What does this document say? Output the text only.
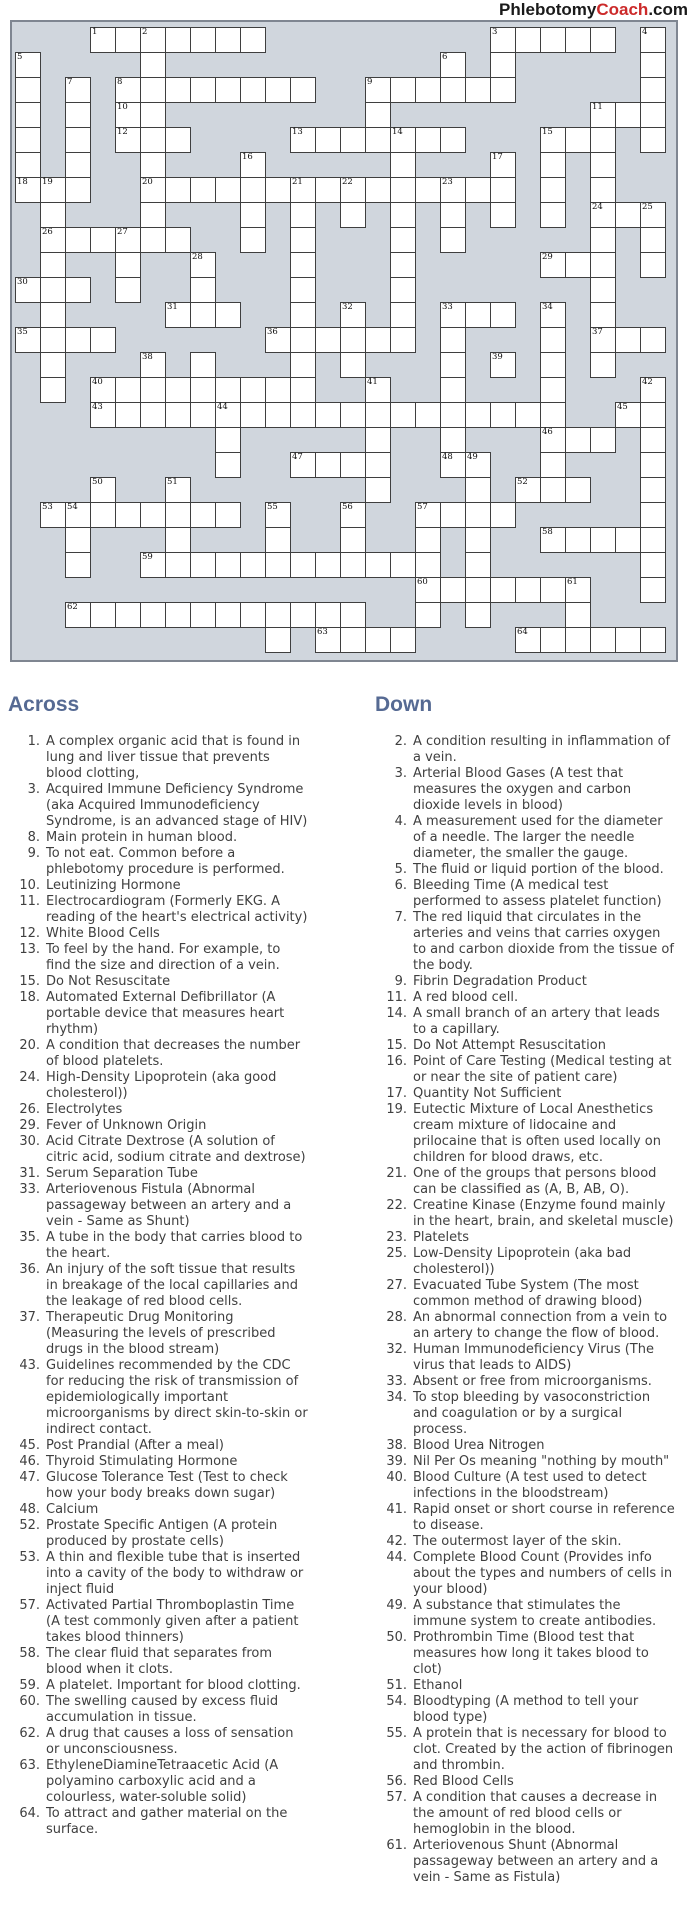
PhlebotomyCoach.com
1	2	3	4
5	6
7	8	9
10	11
12	13	14	15
16	17
18 19	20	21	22	23
24	25
26	27
28	29
30
31	32	33	34
35	36	37
38	39
40	41	42
43	44	45
46
47	48 49
50	51	52
53 54	55	56	57
58
59
60	61
62
63	64
Across
1. A complex organic acid that is found in lung and liver tissue that prevents blood clotting,
3. Acquired Immune Deficiency Syndrome (aka Acquired Immunodeficiency Syndrome, is an advanced stage of HIV)
8. Main protein in human blood.
9. To not eat. Common before a phlebotomy procedure is performed.
10. Leutinizing Hormone
11. Electrocardiogram (Formerly EKG. A reading of the heart's electrical activity)
12. White Blood Cells
13. To feel by the hand. For example, to find the size and direction of a vein.
15. Do Not Resuscitate
18. Automated External Defibrillator (A portable device that measures heart rhythm)
20. A condition that decreases the number of blood platelets.
24. High-Density Lipoprotein (aka good cholesterol))
26. Electrolytes
29. Fever of Unknown Origin
30. Acid Citrate Dextrose (A solution of citric acid, sodium citrate and dextrose)
31. Serum Separation Tube
33. Arteriovenous Fistula (Abnormal passageway between an artery and a vein - Same as Shunt)
35. A tube in the body that carries blood to the heart.
36. An injury of the soft tissue that results in breakage of the local capillaries and the leakage of red blood cells.
37. Therapeutic Drug Monitoring (Measuring the levels of prescribed drugs in the blood stream)
43. Guidelines recommended by the CDC for reducing the risk of transmission of epidemiologically important microorganisms by direct skin-to-skin or indirect contact.
45. Post Prandial (After a meal)
46. Thyroid Stimulating Hormone
47. Glucose Tolerance Test (Test to check how your body breaks down sugar)
48. Calcium
52. Prostate Specific Antigen (A protein produced by prostate cells)
53. A thin and flexible tube that is inserted into a cavity of the body to withdraw or inject fluid
57. Activated Partial Thromboplastin Time (A test commonly given after a patient takes blood thinners)
58. The clear fluid that separates from blood when it clots.
59. A platelet. Important for blood clotting.
60. The swelling caused by excess fluid accumulation in tissue.
62. A drug that causes a loss of sensation or unconsciousness.
63. EthyleneDiamineTetraacetic Acid (A polyamino carboxylic acid and a colourless, water-soluble solid)
64. To attract and gather material on the surface.
Down
2. A condition resulting in inflammation of a vein.
3. Arterial Blood Gases (A test that measures the oxygen and carbon dioxide levels in blood)
4. A measurement used for the diameter of a needle. The larger the needle diameter, the smaller the gauge.
5. The fluid or liquid portion of the blood.
6. Bleeding Time (A medical test performed to assess platelet function)
7. The red liquid that circulates in the arteries and veins that carries oxygen to and carbon dioxide from the tissue of the body.
9. Fibrin Degradation Product
11. A red blood cell.
14. A small branch of an artery that leads to a capillary.
15. Do Not Attempt Resuscitation
16. Point of Care Testing (Medical testing at or near the site of patient care)
17. Quantity Not Sufficient
19. Eutectic Mixture of Local Anesthetics cream mixture of lidocaine and prilocaine that is often used locally on children for blood draws, etc.
21. One of the groups that persons blood can be classified as (A, B, AB, O).
22. Creatine Kinase (Enzyme found mainly in the heart, brain, and skeletal muscle)
23. Platelets
25. Low-Density Lipoprotein (aka bad cholesterol))
27. Evacuated Tube System (The most common method of drawing blood)
28. An abnormal connection from a vein to an artery to change the flow of blood.
32. Human Immunodeficiency Virus (The virus that leads to AIDS)
33. Absent or free from microorganisms.
34. To stop bleeding by vasoconstriction and coagulation or by a surgical process.
38. Blood Urea Nitrogen
39. Nil Per Os meaning "nothing by mouth"
40. Blood Culture (A test used to detect infections in the bloodstream)
41. Rapid onset or short course in reference to disease.
42. The outermost layer of the skin.
44. Complete Blood Count (Provides info about the types and numbers of cells in your blood)
49. A substance that stimulates the immune system to create antibodies.
50. Prothrombin Time (Blood test that measures how long it takes blood to clot)
51. Ethanol
54. Bloodtyping (A method to tell your blood type)
55. A protein that is necessary for blood to clot. Created by the action of fibrinogen and thrombin.
56. Red Blood Cells
57. A condition that causes a decrease in the amount of red blood cells or hemoglobin in the blood.
61. Arteriovenous Shunt (Abnormal passageway between an artery and a vein - Same as Fistula)
